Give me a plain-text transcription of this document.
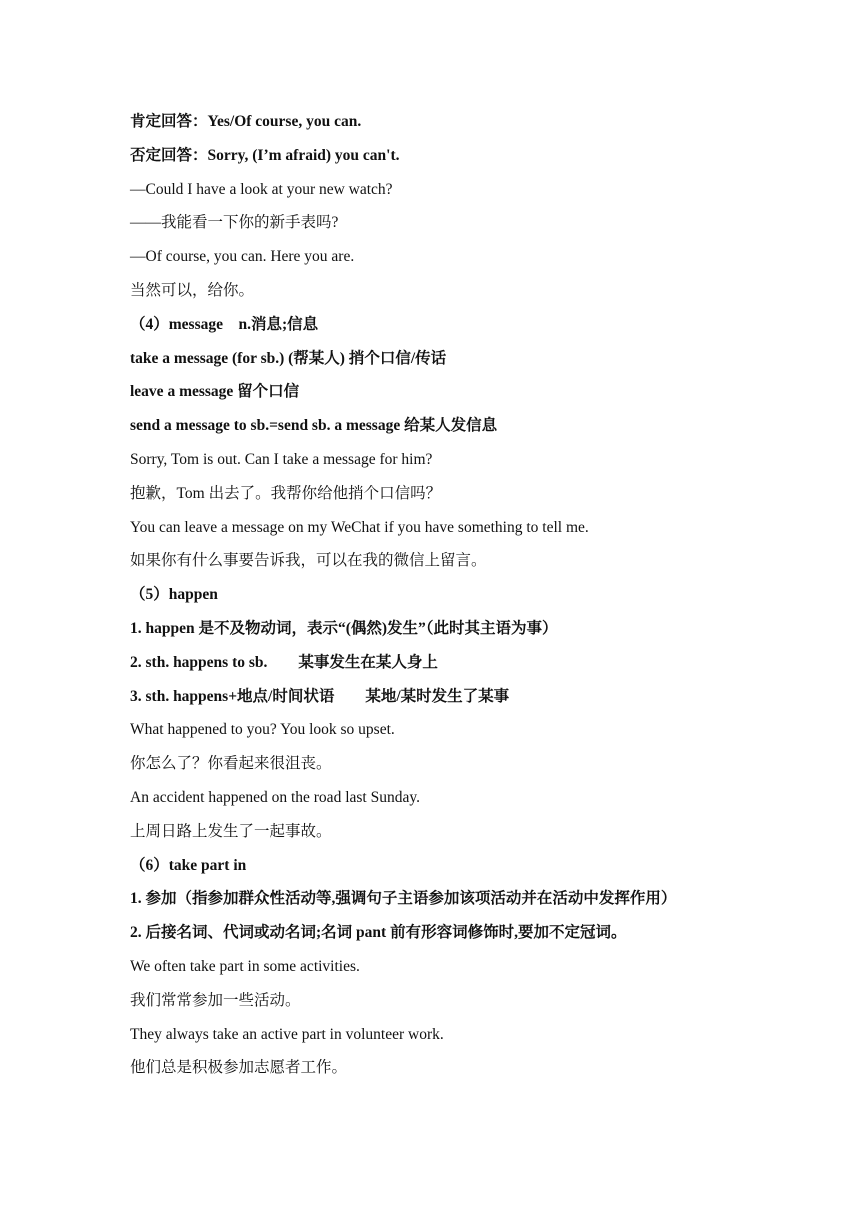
肯定回答：Yes/Of course, you can.
否定回答：Sorry, (I’m afraid) you can't.
—Could I have a look at your new watch?
——我能看一下你的新手表吗?
—Of course, you can. Here you are.
当然可以，给你。
（4）message　n.消息;信息
take a message (for sb.) (帮某人) 捎个口信/传话
leave a message 留个口信
send a message to sb.=send sb. a message 给某人发信息
Sorry, Tom is out. Can I take a message for him?
抱歉，Tom 出去了。我帮你给他捎个口信吗？
You can leave a message on my WeChat if you have something to tell me.
如果你有什么事要告诉我，可以在我的微信上留言。
（5）happen
1. happen 是不及物动词，表示“(偶然)发生”（此时其主语为事）
2. sth. happens to sb.　　某事发生在某人身上
3. sth. happens+地点/时间状语　　某地/某时发生了某事
What happened to you? You look so upset.
你怎么了？你看起来很沮丧。
An accident happened on the road last Sunday.
上周日路上发生了一起事故。
（6）take part in
1. 参加（指参加群众性活动等,强调句子主语参加该项活动并在活动中发挥作用）
2. 后接名词、代词或动名词;名词 pant 前有形容词修饰时,要加不定冠词。
We often take part in some activities.
我们常常参加一些活动。
They always take an active part in volunteer work.
他们总是积极参加志愿者工作。
